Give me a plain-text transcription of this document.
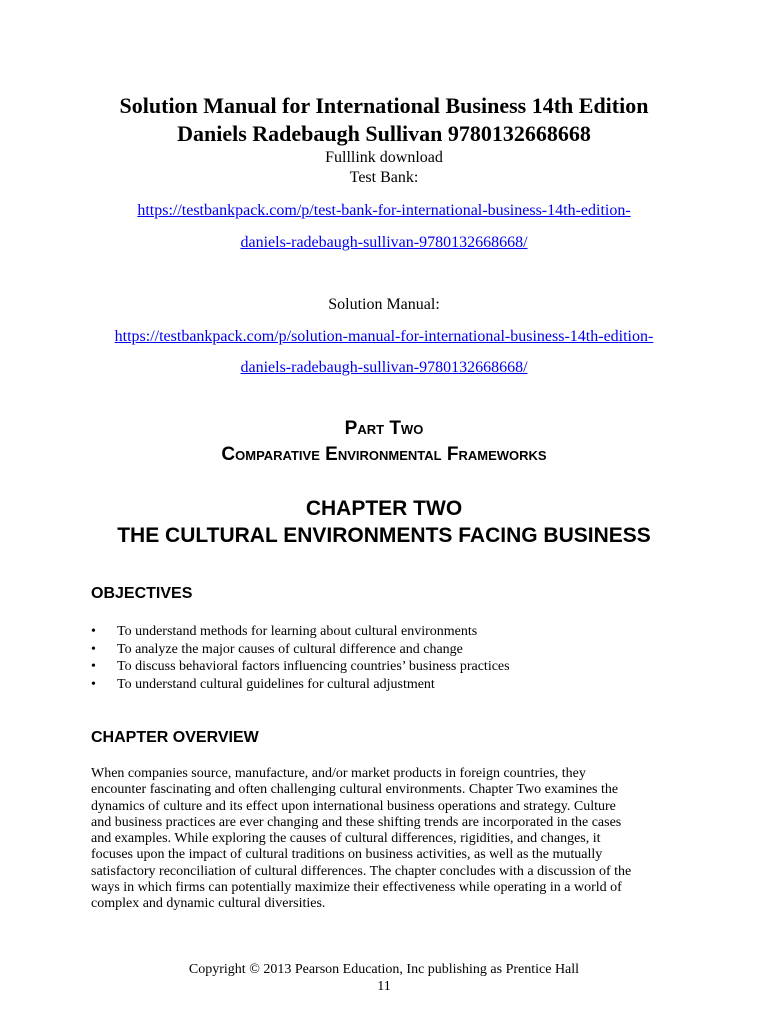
Solution Manual for International Business 14th Edition
Daniels Radebaugh Sullivan 9780132668668
Fulllink download
Test Bank:
https://testbankpack.com/p/test-bank-for-international-business-14th-edition-
daniels-radebaugh-sullivan-9780132668668/
Solution Manual:
https://testbankpack.com/p/solution-manual-for-international-business-14th-edition-
daniels-radebaugh-sullivan-9780132668668/
Part Two
Comparative Environmental Frameworks
CHAPTER TWO
THE CULTURAL ENVIRONMENTS FACING BUSINESS
OBJECTIVES
• To understand methods for learning about cultural environments
• To analyze the major causes of cultural difference and change
• To discuss behavioral factors influencing countries’ business practices
• To understand cultural guidelines for cultural adjustment
CHAPTER OVERVIEW
When companies source, manufacture, and/or market products in foreign countries, they
encounter fascinating and often challenging cultural environments. Chapter Two examines the
dynamics of culture and its effect upon international business operations and strategy. Culture
and business practices are ever changing and these shifting trends are incorporated in the cases
and examples. While exploring the causes of cultural differences, rigidities, and changes, it
focuses upon the impact of cultural traditions on business activities, as well as the mutually
satisfactory reconciliation of cultural differences. The chapter concludes with a discussion of the
ways in which firms can potentially maximize their effectiveness while operating in a world of
complex and dynamic cultural diversities.
Copyright © 2013 Pearson Education, Inc publishing as Prentice Hall
11
